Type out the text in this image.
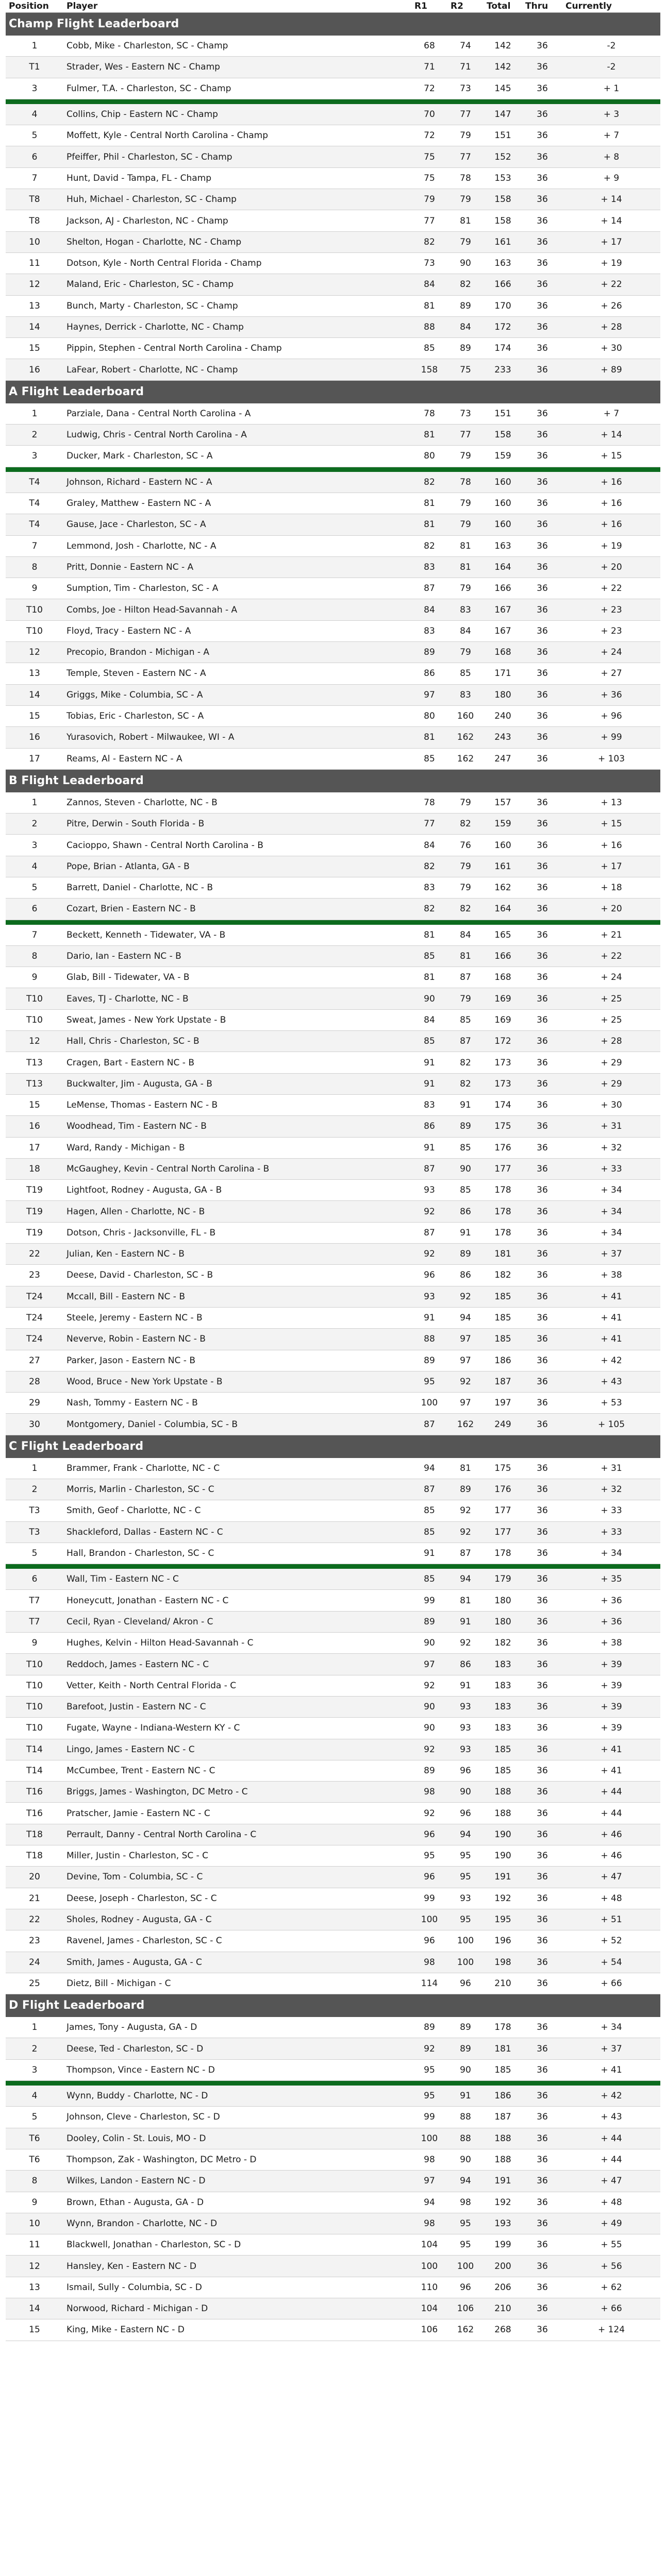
Position	Player	R1	R2	Total	Thru	Currently
Champ Flight Leaderboard						
1	Cobb, Mike - Charleston, SC - Champ	68	74	142	36	-2
T1	Strader, Wes - Eastern NC - Champ	71	71	142	36	-2
3	Fulmer, T.A. - Charleston, SC - Champ	72	73	145	36	+ 1

4	Collins, Chip - Eastern NC - Champ	70	77	147	36	+ 3
5	Moffett, Kyle - Central North Carolina - Champ	72	79	151	36	+ 7
6	Pfeiffer, Phil - Charleston, SC - Champ	75	77	152	36	+ 8
7	Hunt, David - Tampa, FL - Champ	75	78	153	36	+ 9
T8	Huh, Michael - Charleston, SC - Champ	79	79	158	36	+ 14
T8	Jackson, AJ - Charleston, NC - Champ	77	81	158	36	+ 14
10	Shelton, Hogan - Charlotte, NC - Champ	82	79	161	36	+ 17
11	Dotson, Kyle - North Central Florida - Champ	73	90	163	36	+ 19
12	Maland, Eric - Charleston, SC - Champ	84	82	166	36	+ 22
13	Bunch, Marty - Charleston, SC - Champ	81	89	170	36	+ 26
14	Haynes, Derrick - Charlotte, NC - Champ	88	84	172	36	+ 28
15	Pippin, Stephen - Central North Carolina - Champ	85	89	174	36	+ 30
16	LaFear, Robert - Charlotte, NC - Champ	158	75	233	36	+ 89
A Flight Leaderboard						
1	Parziale, Dana - Central North Carolina - A	78	73	151	36	+ 7
2	Ludwig, Chris - Central North Carolina - A	81	77	158	36	+ 14
3	Ducker, Mark - Charleston, SC - A	80	79	159	36	+ 15

T4	Johnson, Richard - Eastern NC - A	82	78	160	36	+ 16
T4	Graley, Matthew - Eastern NC - A	81	79	160	36	+ 16
T4	Gause, Jace - Charleston, SC - A	81	79	160	36	+ 16
7	Lemmond, Josh - Charlotte, NC - A	82	81	163	36	+ 19
8	Pritt, Donnie - Eastern NC - A	83	81	164	36	+ 20
9	Sumption, Tim - Charleston, SC - A	87	79	166	36	+ 22
T10	Combs, Joe - Hilton Head-Savannah - A	84	83	167	36	+ 23
T10	Floyd, Tracy - Eastern NC - A	83	84	167	36	+ 23
12	Precopio, Brandon - Michigan - A	89	79	168	36	+ 24
13	Temple, Steven - Eastern NC - A	86	85	171	36	+ 27
14	Griggs, Mike - Columbia, SC - A	97	83	180	36	+ 36
15	Tobias, Eric - Charleston, SC - A	80	160	240	36	+ 96
16	Yurasovich, Robert - Milwaukee, WI - A	81	162	243	36	+ 99
17	Reams, Al - Eastern NC - A	85	162	247	36	+ 103
B Flight Leaderboard						
1	Zannos, Steven - Charlotte, NC - B	78	79	157	36	+ 13
2	Pitre, Derwin - South Florida - B	77	82	159	36	+ 15
3	Cacioppo, Shawn - Central North Carolina - B	84	76	160	36	+ 16
4	Pope, Brian - Atlanta, GA - B	82	79	161	36	+ 17
5	Barrett, Daniel - Charlotte, NC - B	83	79	162	36	+ 18
6	Cozart, Brien - Eastern NC - B	82	82	164	36	+ 20

7	Beckett, Kenneth - Tidewater, VA - B	81	84	165	36	+ 21
8	Dario, Ian - Eastern NC - B	85	81	166	36	+ 22
9	Glab, Bill - Tidewater, VA - B	81	87	168	36	+ 24
T10	Eaves, TJ - Charlotte, NC - B	90	79	169	36	+ 25
T10	Sweat, James - New York Upstate - B	84	85	169	36	+ 25
12	Hall, Chris - Charleston, SC - B	85	87	172	36	+ 28
T13	Cragen, Bart - Eastern NC - B	91	82	173	36	+ 29
T13	Buckwalter, Jim - Augusta, GA - B	91	82	173	36	+ 29
15	LeMense, Thomas - Eastern NC - B	83	91	174	36	+ 30
16	Woodhead, Tim - Eastern NC - B	86	89	175	36	+ 31
17	Ward, Randy - Michigan - B	91	85	176	36	+ 32
18	McGaughey, Kevin - Central North Carolina - B	87	90	177	36	+ 33
T19	Lightfoot, Rodney - Augusta, GA - B	93	85	178	36	+ 34
T19	Hagen, Allen - Charlotte, NC - B	92	86	178	36	+ 34
T19	Dotson, Chris - Jacksonville, FL - B	87	91	178	36	+ 34
22	Julian, Ken - Eastern NC - B	92	89	181	36	+ 37
23	Deese, David - Charleston, SC - B	96	86	182	36	+ 38
T24	Mccall, Bill - Eastern NC - B	93	92	185	36	+ 41
T24	Steele, Jeremy - Eastern NC - B	91	94	185	36	+ 41
T24	Neverve, Robin - Eastern NC - B	88	97	185	36	+ 41
27	Parker, Jason - Eastern NC - B	89	97	186	36	+ 42
28	Wood, Bruce - New York Upstate - B	95	92	187	36	+ 43
29	Nash, Tommy - Eastern NC - B	100	97	197	36	+ 53
30	Montgomery, Daniel - Columbia, SC - B	87	162	249	36	+ 105
C Flight Leaderboard						
1	Brammer, Frank - Charlotte, NC - C	94	81	175	36	+ 31
2	Morris, Marlin - Charleston, SC - C	87	89	176	36	+ 32
T3	Smith, Geof - Charlotte, NC - C	85	92	177	36	+ 33
T3	Shackleford, Dallas - Eastern NC - C	85	92	177	36	+ 33
5	Hall, Brandon - Charleston, SC - C	91	87	178	36	+ 34

6	Wall, Tim - Eastern NC - C	85	94	179	36	+ 35
T7	Honeycutt, Jonathan - Eastern NC - C	99	81	180	36	+ 36
T7	Cecil, Ryan - Cleveland/ Akron - C	89	91	180	36	+ 36
9	Hughes, Kelvin - Hilton Head-Savannah - C	90	92	182	36	+ 38
T10	Reddoch, James - Eastern NC - C	97	86	183	36	+ 39
T10	Vetter, Keith - North Central Florida - C	92	91	183	36	+ 39
T10	Barefoot, Justin - Eastern NC - C	90	93	183	36	+ 39
T10	Fugate, Wayne - Indiana-Western KY - C	90	93	183	36	+ 39
T14	Lingo, James - Eastern NC - C	92	93	185	36	+ 41
T14	McCumbee, Trent - Eastern NC - C	89	96	185	36	+ 41
T16	Briggs, James - Washington, DC Metro - C	98	90	188	36	+ 44
T16	Pratscher, Jamie - Eastern NC - C	92	96	188	36	+ 44
T18	Perrault, Danny - Central North Carolina - C	96	94	190	36	+ 46
T18	Miller, Justin - Charleston, SC - C	95	95	190	36	+ 46
20	Devine, Tom - Columbia, SC - C	96	95	191	36	+ 47
21	Deese, Joseph - Charleston, SC - C	99	93	192	36	+ 48
22	Sholes, Rodney - Augusta, GA - C	100	95	195	36	+ 51
23	Ravenel, James - Charleston, SC - C	96	100	196	36	+ 52
24	Smith, James - Augusta, GA - C	98	100	198	36	+ 54
25	Dietz, Bill - Michigan - C	114	96	210	36	+ 66
D Flight Leaderboard						
1	James, Tony - Augusta, GA - D	89	89	178	36	+ 34
2	Deese, Ted - Charleston, SC - D	92	89	181	36	+ 37
3	Thompson, Vince - Eastern NC - D	95	90	185	36	+ 41

4	Wynn, Buddy - Charlotte, NC - D	95	91	186	36	+ 42
5	Johnson, Cleve - Charleston, SC - D	99	88	187	36	+ 43
T6	Dooley, Colin - St. Louis, MO - D	100	88	188	36	+ 44
T6	Thompson, Zak - Washington, DC Metro - D	98	90	188	36	+ 44
8	Wilkes, Landon - Eastern NC - D	97	94	191	36	+ 47
9	Brown, Ethan - Augusta, GA - D	94	98	192	36	+ 48
10	Wynn, Brandon - Charlotte, NC - D	98	95	193	36	+ 49
11	Blackwell, Jonathan - Charleston, SC - D	104	95	199	36	+ 55
12	Hansley, Ken - Eastern NC - D	100	100	200	36	+ 56
13	Ismail, Sully - Columbia, SC - D	110	96	206	36	+ 62
14	Norwood, Richard - Michigan - D	104	106	210	36	+ 66
15	King, Mike - Eastern NC - D	106	162	268	36	+ 124
